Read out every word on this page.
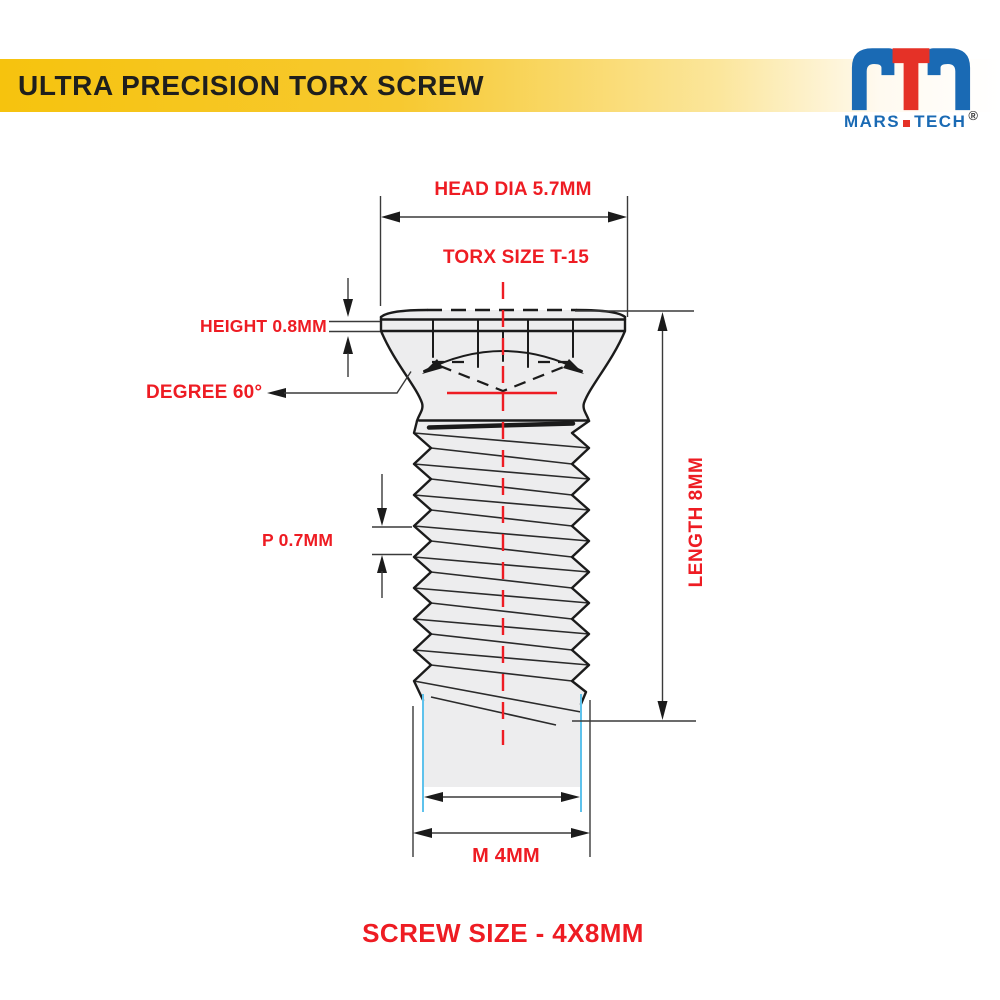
ULTRA PRECISION TORX SCREW
MARS TECH ®
HEAD DIA 5.7MM
TORX SIZE T-15
HEIGHT 0.8MM
DEGREE 60°
P 0.7MM	LENGTH 8MM
M 4MM
SCREW SIZE - 4X8MM
